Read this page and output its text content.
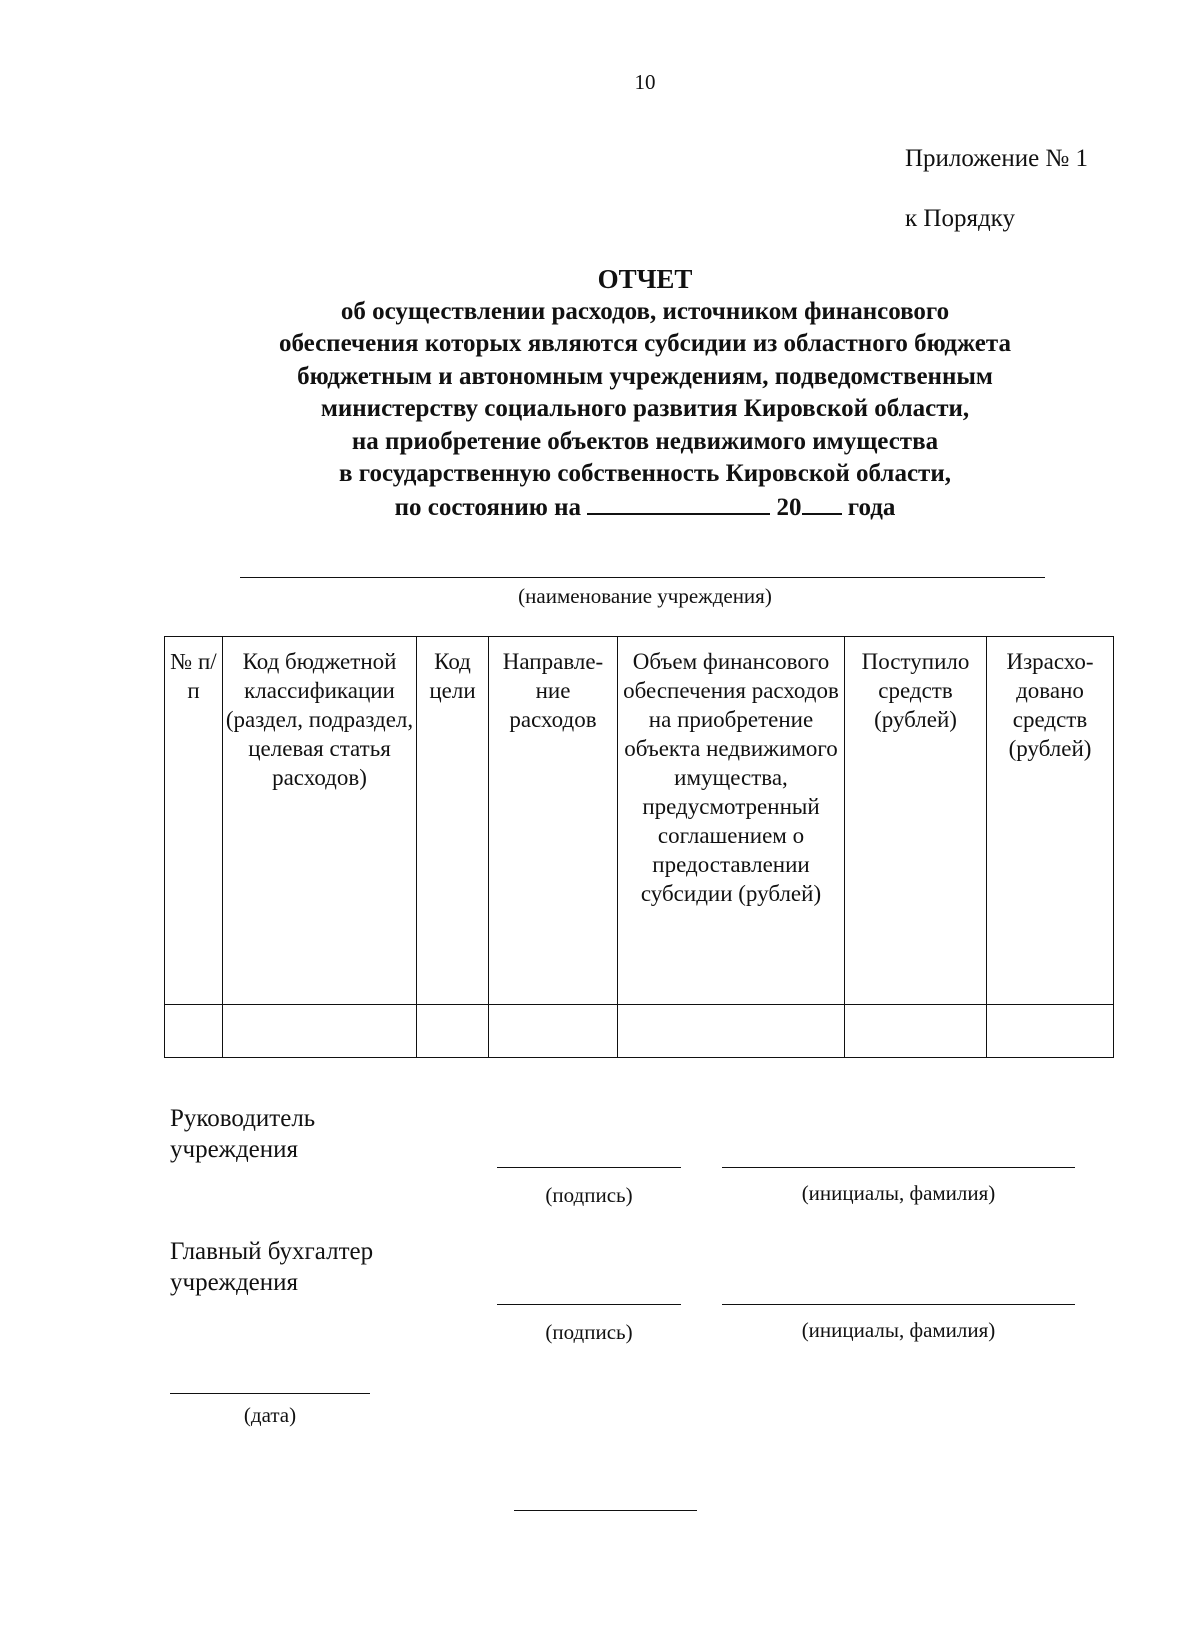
10
Приложение № 1
к Порядку
ОТЧЕТ
об осуществлении расходов, источником финансового
обеспечения которых являются субсидии из областного бюджета
бюджетным и автономным учреждениям, подведомственным
министерству социального развития Кировской области,
на приобретение объектов недвижимого имущества
в государственную собственность Кировской области,
по состоянию на	20 года
(наименование учреждения)
№ п/п	Код бюджетной классификации (раздел, подраздел, целевая статья расходов)	Код цели	Направле-ние расходов	Объем финансового обеспечения расходов на приобретение объекта недвижимого имущества, предусмотренный соглашением о предоставлении субсидии (рублей)	Поступило средств (рублей)	Израсхо-довано средств (рублей)

Руководитель
учреждения
(подпись)	(инициалы, фамилия)
Главный бухгалтер
учреждения
(подпись)	(инициалы, фамилия)
(дата)
